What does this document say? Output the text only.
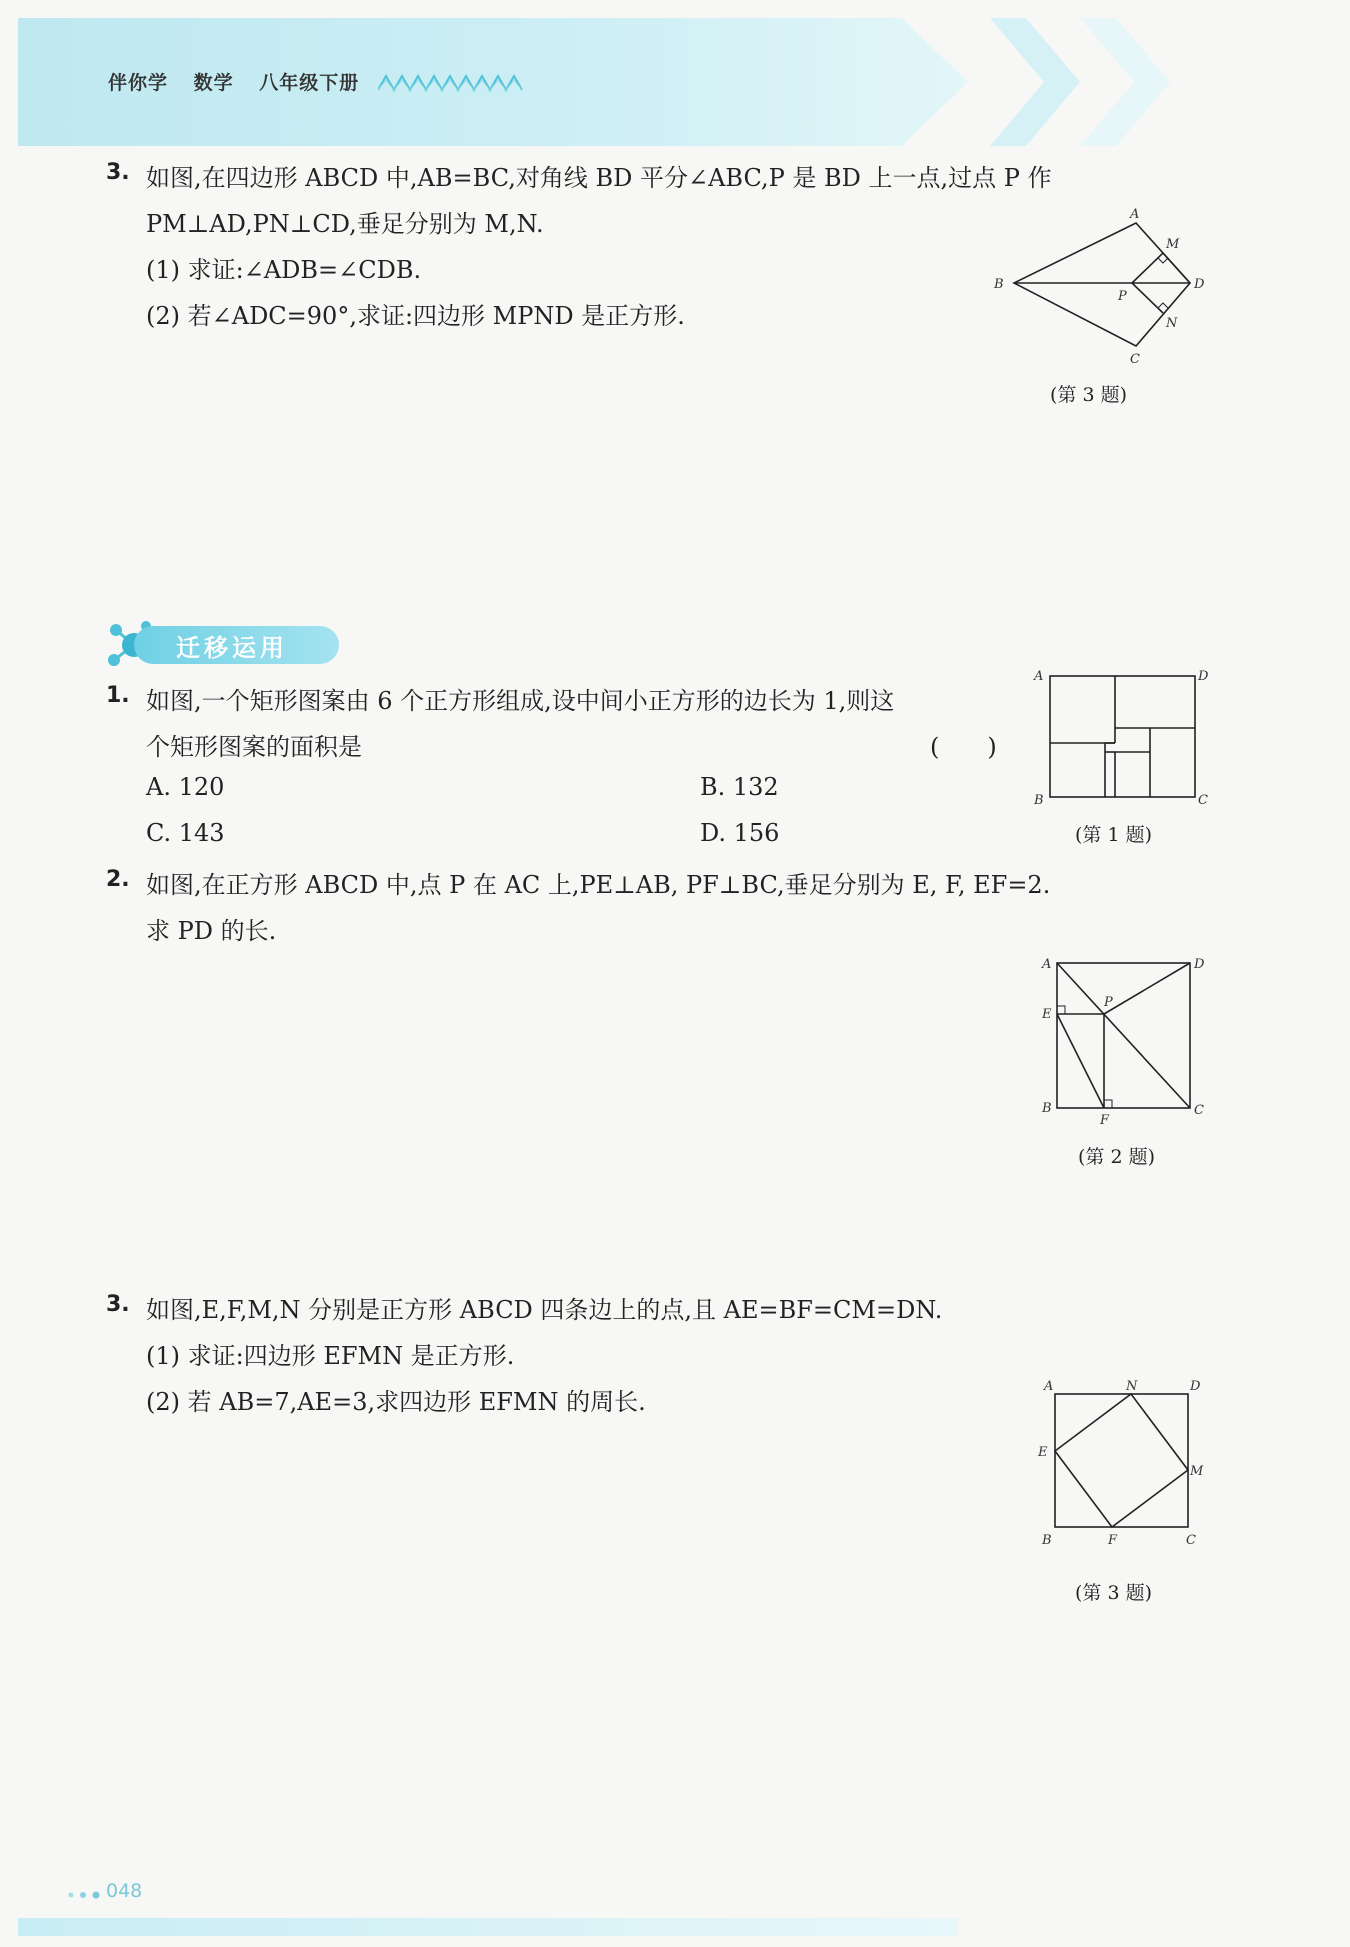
伴你学 数学 八年级下册
3. 如图,在四边形 ABCD 中,AB=BC,对角线 BD 平分∠ABC,P 是 BD 上一点,过点 P 作
PM⊥AD,PN⊥CD,垂足分别为 M,N.
(1) 求证:∠ADB=∠CDB.
(2) 若∠ADC=90°,求证:四边形 MPND 是正方形.
A
B
C
D
M
N
P
(第 3 题)
迁移运用
1. 如图,一个矩形图案由 6 个正方形组成,设中间小正方形的边长为 1,则这
个矩形图案的面积是	(　　)
A. 120	B. 132
C. 143	D. 156
A	D
B	C
(第 1 题)
2. 如图,在正方形 ABCD 中,点 P 在 AC 上,PE⊥AB, PF⊥BC,垂足分别为 E, F, EF=2.
求 PD 的长.
A	D
E
P
B	C
F
(第 2 题)
3. 如图,E,F,M,N 分别是正方形 ABCD 四条边上的点,且 AE=BF=CM=DN.
(1) 求证:四边形 EFMN 是正方形.
(2) 若 AB=7,AE=3,求四边形 EFMN 的周长.
A	N	D
E
M
B	F	C
(第 3 题)
048
